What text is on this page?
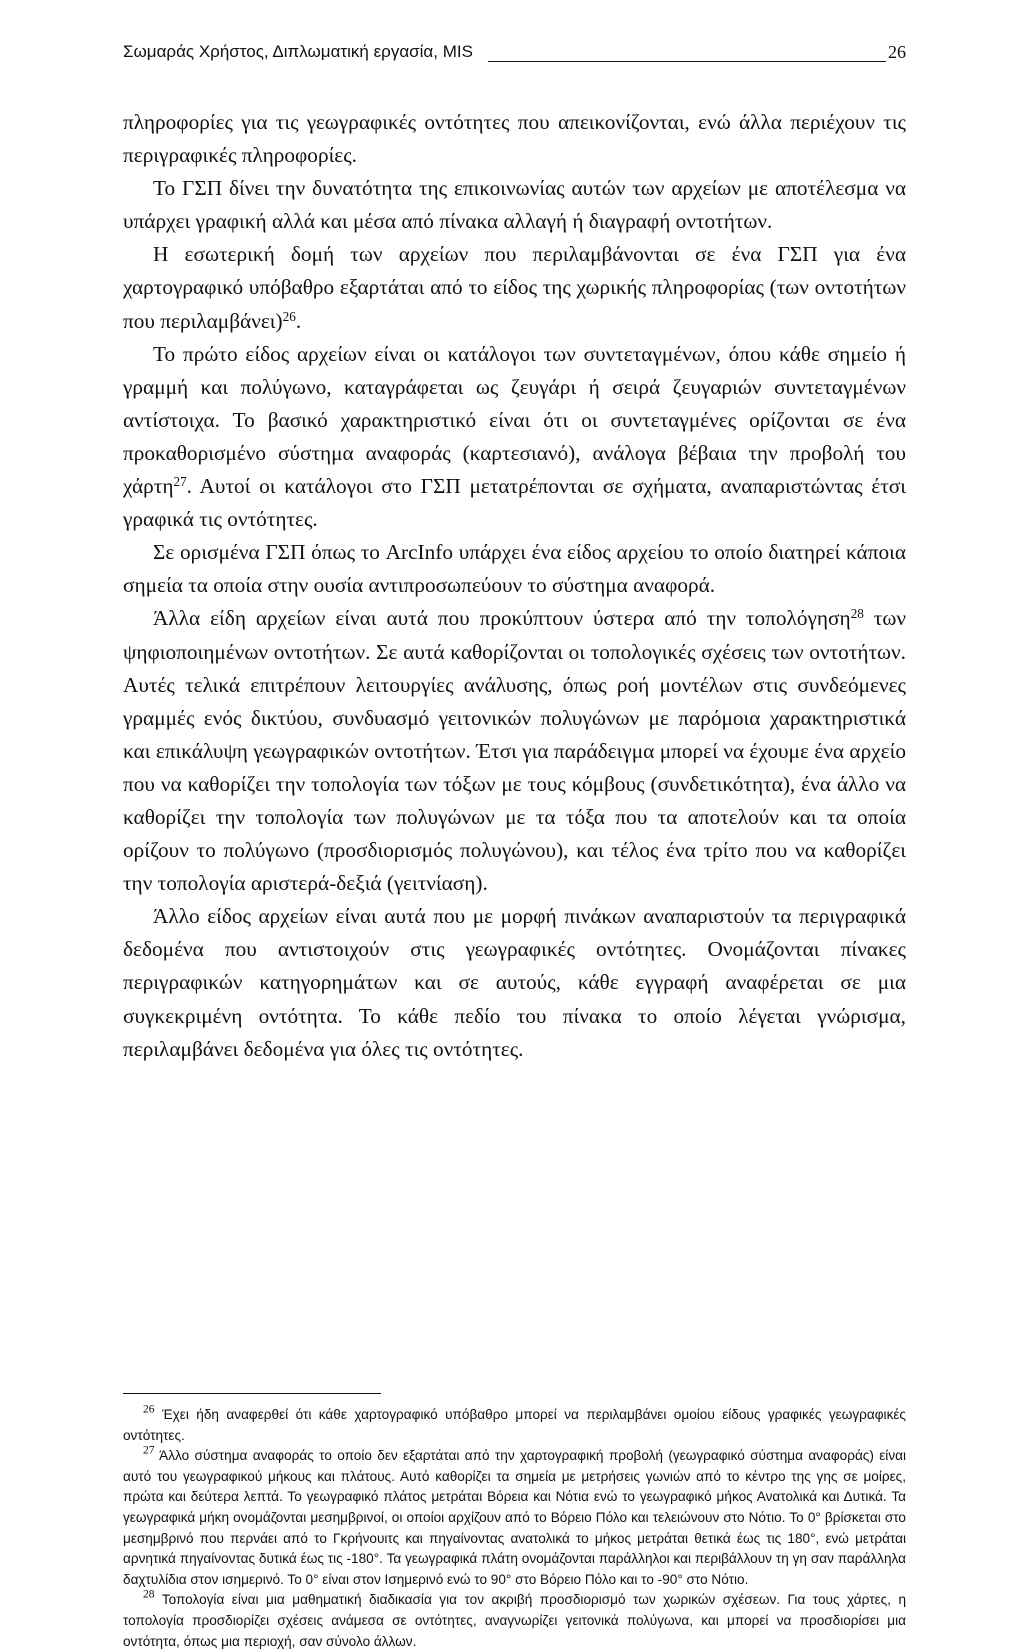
Σωμαράς Χρήστος, Διπλωματική εργασία, MIS	26

πληροφορίες για τις γεωγραφικές οντότητες που απεικονίζονται, ενώ άλλα περιέχουν τις περιγραφικές πληροφορίες.

Το ΓΣΠ δίνει την δυνατότητα της επικοινωνίας αυτών των αρχείων με αποτέλεσμα να υπάρχει γραφική αλλά και μέσα από πίνακα αλλαγή ή διαγραφή οντοτήτων.

Η εσωτερική δομή των αρχείων που περιλαμβάνονται σε ένα ΓΣΠ για ένα χαρτογραφικό υπόβαθρο εξαρτάται από το είδος της χωρικής πληροφορίας (των οντοτήτων που περιλαμβάνει)$^{26}$.

Το πρώτο είδος αρχείων είναι οι κατάλογοι των συντεταγμένων, όπου κάθε σημείο ή γραμμή και πολύγωνο, καταγράφεται ως ζευγάρι ή σειρά ζευγαριών συντεταγμένων αντίστοιχα. Το βασικό χαρακτηριστικό είναι ότι οι συντεταγμένες ορίζονται σε ένα προκαθορισμένο σύστημα αναφοράς (καρτεσιανό), ανάλογα βέβαια την προβολή του χάρτη$^{27}$. Αυτοί οι κατάλογοι στο ΓΣΠ μετατρέπονται σε σχήματα, αναπαριστώντας έτσι γραφικά τις οντότητες.

Σε ορισμένα ΓΣΠ όπως το ArcInfo υπάρχει ένα είδος αρχείου το οποίο διατηρεί κάποια σημεία τα οποία στην ουσία αντιπροσωπεύουν το σύστημα αναφορά.

Άλλα είδη αρχείων είναι αυτά που προκύπτουν ύστερα από την τοπολόγηση$^{28}$ των ψηφιοποιημένων οντοτήτων. Σε αυτά καθορίζονται οι τοπολογικές σχέσεις των οντοτήτων. Αυτές τελικά επιτρέπουν λειτουργίες ανάλυσης, όπως ροή μοντέλων στις συνδεόμενες γραμμές ενός δικτύου, συνδυασμό γειτονικών πολυγώνων με παρόμοια χαρακτηριστικά και επικάλυψη γεωγραφικών οντοτήτων. Έτσι για παράδειγμα μπορεί να έχουμε ένα αρχείο που να καθορίζει την τοπολογία των τόξων με τους κόμβους (συνδετικότητα), ένα άλλο να καθορίζει την τοπολογία των πολυγώνων με τα τόξα που τα αποτελούν και τα οποία ορίζουν το πολύγωνο (προσδιορισμός πολυγώνου), και τέλος ένα τρίτο που να καθορίζει την τοπολογία αριστερά-δεξιά (γειτνίαση).

Άλλο είδος αρχείων είναι αυτά που με μορφή πινάκων αναπαριστούν τα περιγραφικά δεδομένα που αντιστοιχούν στις γεωγραφικές οντότητες. Ονομάζονται πίνακες περιγραφικών κατηγορημάτων και σε αυτούς, κάθε εγγραφή αναφέρεται σε μια συγκεκριμένη οντότητα. Το κάθε πεδίο του πίνακα το οποίο λέγεται γνώρισμα, περιλαμβάνει δεδομένα για όλες τις οντότητες.

$^{26}$ Έχει ήδη αναφερθεί ότι κάθε χαρτογραφικό υπόβαθρο μπορεί να περιλαμβάνει ομοίου είδους γραφικές γεωγραφικές οντότητες.

$^{27}$ Άλλο σύστημα αναφοράς το οποίο δεν εξαρτάται από την χαρτογραφική προβολή (γεωγραφικό σύστημα αναφοράς) είναι αυτό του γεωγραφικού μήκους και πλάτους. Αυτό καθορίζει τα σημεία με μετρήσεις γωνιών από το κέντρο της γης σε μοίρες, πρώτα και δεύτερα λεπτά. Το γεωγραφικό πλάτος μετράται Βόρεια και Νότια ενώ το γεωγραφικό μήκος Ανατολικά και Δυτικά. Τα γεωγραφικά μήκη ονομάζονται μεσημβρινοί, οι οποίοι αρχίζουν από το Βόρειο Πόλο και τελειώνουν στο Νότιο. Το 0° βρίσκεται στο μεσημβρινό που περνάει από το Γκρήνουιτς και πηγαίνοντας ανατολικά το μήκος μετράται θετικά έως τις 180°, ενώ μετράται αρνητικά πηγαίνοντας δυτικά έως τις -180°. Τα γεωγραφικά πλάτη ονομάζονται παράλληλοι και περιβάλλουν τη γη σαν παράλληλα δαχτυλίδια στον ισημερινό. Το 0° είναι στον Ισημερινό ενώ το 90° στο Βόρειο Πόλο και το -90° στο Νότιο.

$^{28}$ Τοπολογία είναι μια μαθηματική διαδικασία για τον ακριβή προσδιορισμό των χωρικών σχέσεων. Για τους χάρτες, η τοπολογία προσδιορίζει σχέσεις ανάμεσα σε οντότητες, αναγνωρίζει γειτονικά πολύγωνα, και μπορεί να προσδιορίσει μια οντότητα, όπως μια περιοχή, σαν σύνολο άλλων.
